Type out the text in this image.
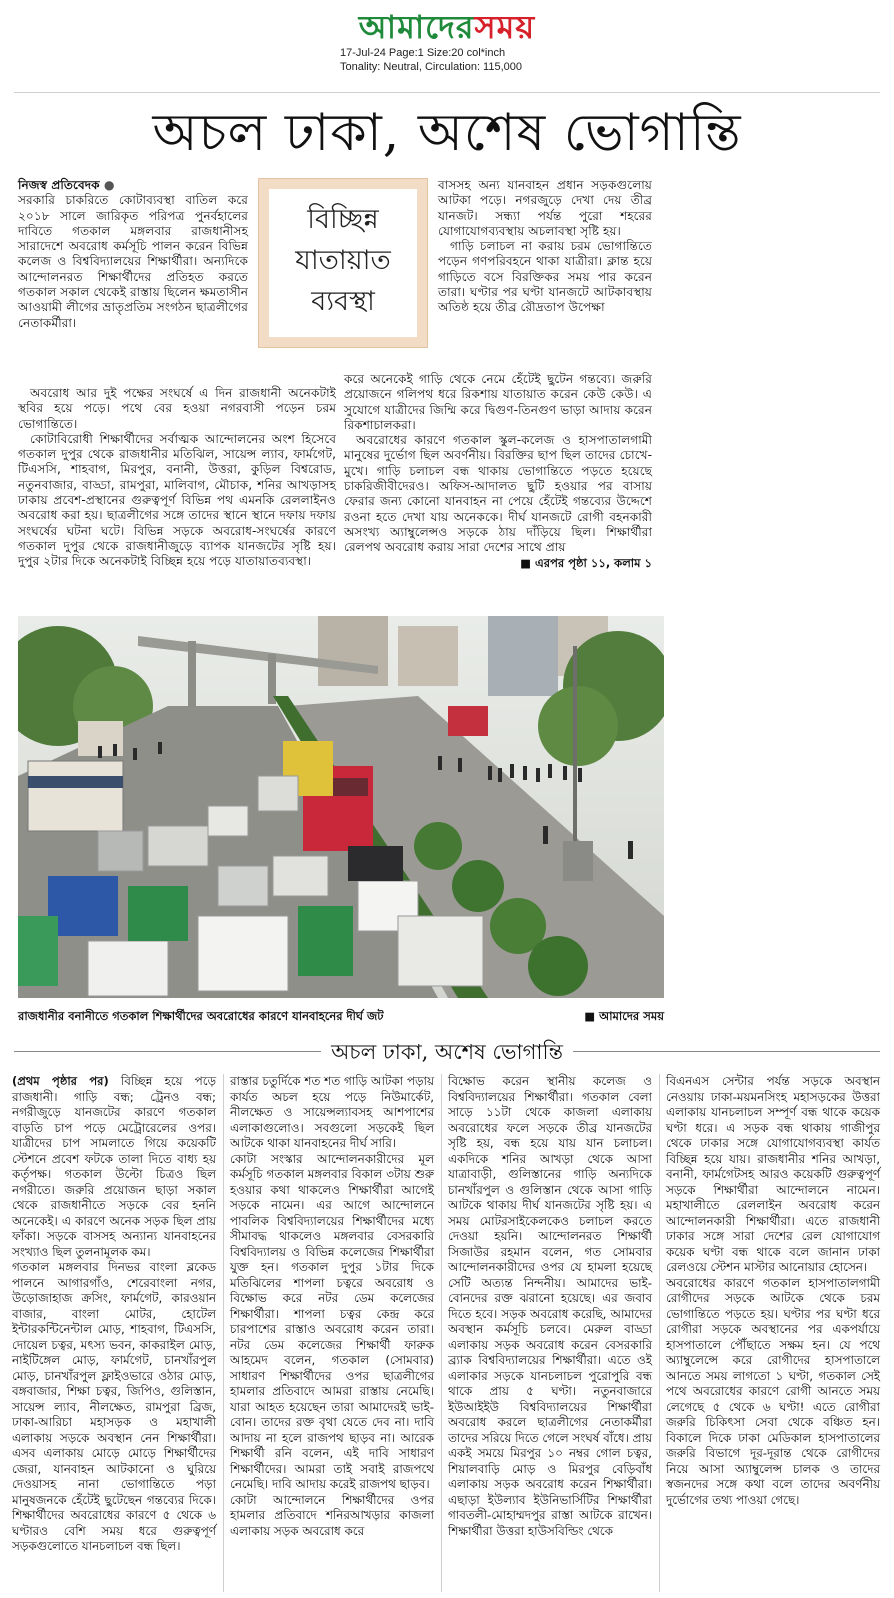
আমাদেরসময়
17-Jul-24 Page:1 Size:20 col*inch
Tonality: Neutral, Circulation: 115,000
অচল ঢাকা, অশেষ ভোগান্তি
নিজস্ব প্রতিবেদক ●
সরকারি চাকরিতে কোটাব্যবস্থা বাতিল করে ২০১৮ সালে জারিকৃত পরিপত্র পুনর্বহালের দাবিতে গতকাল মঙ্গলবার রাজধানীসহ সারাদেশে অবরোধ কর্মসূচি পালন করেন বিভিন্ন কলেজ ও বিশ্ববিদ্যালয়ের শিক্ষার্থীরা। অন্যদিকে আন্দোলনরত শিক্ষার্থীদের প্রতিহত করতে গতকাল সকাল থেকেই রাস্তায় ছিলেন ক্ষমতাসীন আওয়ামী লীগের ভ্রাতৃপ্রতিম সংগঠন ছাত্রলীগের নেতাকর্মীরা।
বিচ্ছিন্ন
যাতায়াত
ব্যবস্থা
অবরোধ আর দুই পক্ষের সংঘর্ষে এ দিন রাজধানী অনেকটাই স্থবির হয়ে পড়ে। পথে বের হওয়া নগরবাসী পড়েন চরম ভোগান্তিতে।
কোটাবিরোধী শিক্ষার্থীদের সর্বাত্মক আন্দোলনের অংশ হিসেবে গতকাল দুপুর থেকে রাজধানীর মতিঝিল, সায়েন্স ল্যাব, ফার্মগেট, টিএসসি, শাহবাগ, মিরপুর, বনানী, উত্তরা, কুড়িল বিশ্বরোড, নতুনবাজার, বাড্ডা, রামপুরা, মালিবাগ, মৌচাক, শনির আখড়াসহ ঢাকায় প্রবেশ-প্রস্থানের গুরুত্বপূর্ণ বিভিন্ন পথ এমনকি রেললাইনও অবরোধ করা হয়। ছাত্রলীগের সঙ্গে তাদের স্থানে স্থানে দফায় দফায় সংঘর্ষের ঘটনা ঘটে। বিভিন্ন সড়কে অবরোধ-সংঘর্ষের কারণে গতকাল দুপুর থেকে রাজধানীজুড়ে ব্যাপক যানজটের সৃষ্টি হয়। দুপুর ২টার দিকে অনেকটাই বিচ্ছিন্ন হয়ে পড়ে যাতায়াতব্যবস্থা।
বাসসহ অন্য যানবাহন প্রধান সড়কগুলোয় আটকা পড়ে। নগরজুড়ে দেখা দেয় তীব্র যানজট। সন্ধ্যা পর্যন্ত পুরো শহরের যোগাযোগব্যবস্থায় অচলাবস্থা সৃষ্টি হয়।
গাড়ি চলাচল না করায় চরম ভোগান্তিতে পড়েন গণপরিবহনে থাকা যাত্রীরা। ক্লান্ত হয়ে গাড়িতে বসে বিরক্তিকর সময় পার করেন তারা। ঘণ্টার পর ঘণ্টা যানজটে আটকাবস্থায় অতিষ্ঠ হয়ে তীব্র রৌদ্রতাপ উপেক্ষা
করে অনেকেই গাড়ি থেকে নেমে হেঁটেই ছুটেন গন্তব্যে। জরুরি প্রয়োজনে গলিপথ ধরে রিকশায় যাতায়াত করেন কেউ কেউ। এ সুযোগে যাত্রীদের জিম্মি করে দ্বিগুণ-তিনগুণ ভাড়া আদায় করেন রিকশাচালকরা।
অবরোধের কারণে গতকাল স্কুল-কলেজ ও হাসপাতালগামী মানুষের দুর্ভোগ ছিল অবর্ণনীয়। বিরক্তির ছাপ ছিল তাদের চোখে-মুখে। গাড়ি চলাচল বন্ধ থাকায় ভোগান্তিতে পড়তে হয়েছে চাকরিজীবীদেরও। অফিস-আদালত ছুটি হওয়ার পর বাসায় ফেরার জন্য কোনো যানবাহন না পেয়ে হেঁটেই গন্তব্যের উদ্দেশে রওনা হতে দেখা যায় অনেককে। দীর্ঘ যানজটে রোগী বহনকারী অসংখ্য অ্যাম্বুলেন্সও সড়কে ঠায় দাঁড়িয়ে ছিল। শিক্ষার্থীরা রেলপথ অবরোধ করায় সারা দেশের সাথে প্রায়
■ এরপর পৃষ্ঠা ১১, কলাম ১
রাজধানীর বনানীতে গতকাল শিক্ষার্থীদের অবরোধের কারণে যানবাহনের দীর্ঘ জট	■ আমাদের সময়
অচল ঢাকা, অশেষ ভোগান্তি
(প্রথম পৃষ্ঠার পর) বিচ্ছিন্ন হয়ে পড়ে রাজধানী। গাড়ি বন্ধ; ট্রেনও বন্ধ; নগরীজুড়ে যানজটের কারণে গতকাল বাড়তি চাপ পড়ে মেট্রোরেলের ওপর। যাত্রীদের চাপ সামলাতে গিয়ে কয়েকটি স্টেশনে প্রবেশ ফটকে তালা দিতে বাধ্য হয় কর্তৃপক্ষ। গতকাল উল্টো চিত্রও ছিল নগরীতে। জরুরি প্রয়োজন ছাড়া সকাল থেকে রাজধানীতে সড়কে বের হননি অনেকেই। এ কারণে অনেক সড়ক ছিল প্রায় ফাঁকা। সড়কে বাসসহ অন্যান্য যানবাহনের সংখ্যাও ছিল তুলনামূলক কম।
গতকাল মঙ্গলবার দিনভর বাংলা ব্লকেড পালনে আগারগাঁও, শেরেবাংলা নগর, উড়োজাহাজ ক্রসিং, ফার্মগেট, কারওয়ান বাজার, বাংলা মোটর, হোটেল ইন্টারকন্টিনেন্টাল মোড়, শাহবাগ, টিএসসি, দোয়েল চত্বর, মৎস্য ভবন, কাকরাইল মোড়, নাইটিঙ্গেল মোড়, ফার্মগেট, চানখাঁরপুল মোড়, চানখাঁরপুল ফ্লাইওভারে ওঠার মোড়, বঙ্গবাজার, শিক্ষা চত্বর, জিপিও, গুলিস্তান, সায়েন্স ল্যাব, নীলক্ষেত, রামপুরা ব্রিজ, ঢাকা-আরিচা মহাসড়ক ও মহাখালী এলাকায় সড়কে অবস্থান নেন শিক্ষার্থীরা। এসব এলাকায় মোড়ে মোড়ে শিক্ষার্থীদের জেরা, যানবাহন আটকানো ও ঘুরিয়ে দেওয়াসহ নানা ভোগান্তিতে পড়া মানুষজনকে হেঁটেই ছুটেছেন গন্তব্যের দিকে। শিক্ষার্থীদের অবরোধের কারণে ৫ থেকে ৬ ঘণ্টারও বেশি সময় ধরে গুরুত্বপূর্ণ সড়কগুলোতে যানচলাচল বন্ধ ছিল।
রাস্তার চতুর্দিকে শত শত গাড়ি আটকা পড়ায় কার্যত অচল হয়ে পড়ে নিউমার্কেট, নীলক্ষেত ও সায়েন্সল্যাবসহ আশপাশের এলাকাগুলোও। সবগুলো সড়কেই ছিল আটকে থাকা যানবাহনের দীর্ঘ সারি।
কোটা সংস্কার আন্দোলনকারীদের মূল কর্মসূচি গতকাল মঙ্গলবার বিকাল ৩টায় শুরু হওয়ার কথা থাকলেও শিক্ষার্থীরা আগেই সড়কে নামেন। এর আগে আন্দোলনে পাবলিক বিশ্ববিদ্যালয়ের শিক্ষার্থীদের মধ্যে সীমাবদ্ধ থাকলেও মঙ্গলবার বেসরকারি বিশ্ববিদ্যালয় ও বিভিন্ন কলেজের শিক্ষার্থীরা যুক্ত হন। গতকাল দুপুর ১টার দিকে মতিঝিলের শাপলা চত্বরে অবরোধ ও বিক্ষোভ করে নটর ডেম কলেজের শিক্ষার্থীরা। শাপলা চত্বর কেন্দ্র করে চারপাশের রাস্তাও অবরোধ করেন তারা। নটর ডেম কলেজের শিক্ষার্থী ফারুক আহমেদ বলেন, গতকাল (সোমবার) সাধারণ শিক্ষার্থীদের ওপর ছাত্রলীগের হামলার প্রতিবাদে আমরা রাস্তায় নেমেছি। যারা আহত হয়েছেন তারা আমাদেরই ভাই-বোন। তাদের রক্ত বৃথা যেতে দেব না। দাবি আদায় না হলে রাজপথ ছাড়ব না। আরেক শিক্ষার্থী রনি বলেন, এই দাবি সাধারণ শিক্ষার্থীদের। আমরা তাই সবাই রাজপথে নেমেছি। দাবি আদায় করেই রাজপথ ছাড়ব।
কোটা আন্দোলনে শিক্ষার্থীদের ওপর হামলার প্রতিবাদে শনিরআখড়ার কাজলা এলাকায় সড়ক অবরোধ করে
বিক্ষোভ করেন স্থানীয় কলেজ ও বিশ্ববিদ্যালয়ের শিক্ষার্থীরা। গতকাল বেলা সাড়ে ১১টা থেকে কাজলা এলাকায় অবরোধের ফলে সড়কে তীব্র যানজটের সৃষ্টি হয়, বন্ধ হয়ে যায় যান চলাচল। একদিকে শনির আখড়া থেকে আসা যাত্রাবাড়ী, গুলিস্তানের গাড়ি অন্যদিকে চানখাঁরপুল ও গুলিস্তান থেকে আসা গাড়ি আটকে থাকায় দীর্ঘ যানজটের সৃষ্টি হয়। এ সময় মোটরসাইকেলকেও চলাচল করতে দেওয়া হয়নি। আন্দোলনরত শিক্ষার্থী সিজাউর রহমান বলেন, গত সোমবার আন্দোলনকারীদের ওপর যে হামলা হয়েছে সেটি অত্যন্ত নিন্দনীয়। আমাদের ভাই-বোনদের রক্ত ঝরানো হয়েছে। এর জবাব দিতে হবে। সড়ক অবরোধ করেছি, আমাদের অবস্থান কর্মসূচি চলবে। মেরুল বাড্ডা এলাকায় সড়ক অবরোধ করেন বেসরকারি ব্র্যাক বিশ্ববিদ্যালয়ের শিক্ষার্থীরা। এতে ওই এলাকার সড়কে যানচলাচল পুরোপুরি বন্ধ থাকে প্রায় ৫ ঘণ্টা। নতুনবাজারে ইউআইইউ বিশ্ববিদ্যালয়ের শিক্ষার্থীরা অবরোধ করলে ছাত্রলীগের নেতাকর্মীরা তাদের সরিয়ে দিতে গেলে সংঘর্ষ বাঁধে। প্রায় একই সময়ে মিরপুর ১০ নম্বর গোল চত্বর, শিয়ালবাড়ি মোড় ও মিরপুর বেড়িবাঁধ এলাকায় সড়ক অবরোধ করেন শিক্ষার্থীরা। এছাড়া ইউল্যাব ইউনিভার্সিটির শিক্ষার্থীরা গাবতলী-মোহাম্মদপুর রাস্তা আটকে রাখেন। শিক্ষার্থীরা উত্তরা হাউসবিল্ডিং থেকে
বিএনএস সেন্টার পর্যন্ত সড়কে অবস্থান নেওয়ায় ঢাকা-ময়মনসিংহ মহাসড়কের উত্তরা এলাকায় যানচলাচল সম্পূর্ণ বন্ধ থাকে কয়েক ঘণ্টা ধরে। এ সড়ক বন্ধ থাকায় গাজীপুর থেকে ঢাকার সঙ্গে যোগাযোগব্যবস্থা কার্যত বিচ্ছিন্ন হয়ে যায়। রাজধানীর শনির আখড়া, বনানী, ফার্মগেটসহ আরও কয়েকটি গুরুত্বপূর্ণ সড়কে শিক্ষার্থীরা আন্দোলনে নামেন। মহাখালীতে রেললাইন অবরোধ করেন আন্দোলনকারী শিক্ষার্থীরা। এতে রাজধানী ঢাকার সঙ্গে সারা দেশের রেল যোগাযোগ কয়েক ঘণ্টা বন্ধ থাকে বলে জানান ঢাকা রেলওয়ে স্টেশন মাস্টার আনোয়ার হোসেন।
অবরোধের কারণে গতকাল হাসপাতালগামী রোগীদের সড়কে আটকে থেকে চরম ভোগান্তিতে পড়তে হয়। ঘণ্টার পর ঘণ্টা ধরে রোগীরা সড়কে অবস্থানের পর একপর্যায়ে হাসপাতালে পৌঁছাতে সক্ষম হন। যে পথে অ্যাম্বুলেন্সে করে রোগীদের হাসপাতালে আনতে সময় লাগতো ১ ঘণ্টা, গতকাল সেই পথে অবরোধের কারণে রোগী আনতে সময় লেগেছে ৫ থেকে ৬ ঘণ্টা! এতে রোগীরা জরুরি চিকিৎসা সেবা থেকে বঞ্চিত হন। বিকালে দিকে ঢাকা মেডিকাল হাসপাতালের জরুরি বিভাগে দূর-দূরান্ত থেকে রোগীদের নিয়ে আসা অ্যাম্বুলেন্স চালক ও তাদের স্বজনদের সঙ্গে কথা বলে তাদের অবর্ণনীয় দুর্ভোগের তথ্য পাওয়া গেছে।
